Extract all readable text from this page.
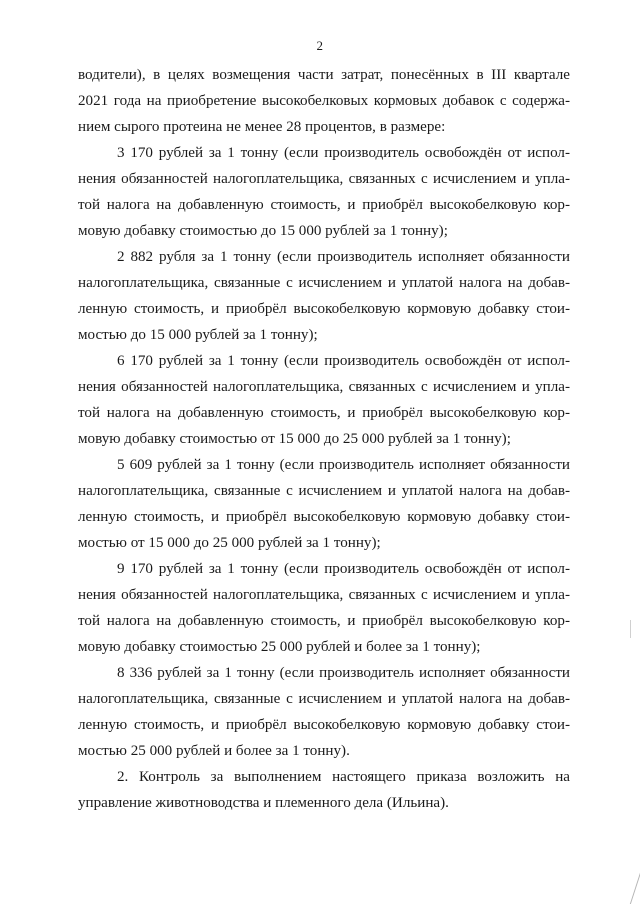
2
водители), в целях возмещения части затрат, понесённых в III квартале
2021 года на приобретение высокобелковых кормовых добавок с содержа-
нием сырого протеина не менее 28 процентов, в размере:
3 170 рублей за 1 тонну (если производитель освобождён от испол-
нения обязанностей налогоплательщика, связанных с исчислением и упла-
той налога на добавленную стоимость, и приобрёл высокобелковую кор-
мовую добавку стоимостью до 15 000 рублей за 1 тонну);
2 882 рубля за 1 тонну (если производитель исполняет обязанности
налогоплательщика, связанные с исчислением и уплатой налога на добав-
ленную стоимость, и приобрёл высокобелковую кормовую добавку стои-
мостью до 15 000 рублей за 1 тонну);
6 170 рублей за 1 тонну (если производитель освобождён от испол-
нения обязанностей налогоплательщика, связанных с исчислением и упла-
той налога на добавленную стоимость, и приобрёл высокобелковую кор-
мовую добавку стоимостью от 15 000 до 25 000 рублей за 1 тонну);
5 609 рублей за 1 тонну (если производитель исполняет обязанности
налогоплательщика, связанные с исчислением и уплатой налога на добав-
ленную стоимость, и приобрёл высокобелковую кормовую добавку стои-
мостью от 15 000 до 25 000 рублей за 1 тонну);
9 170 рублей за 1 тонну (если производитель освобождён от испол-
нения обязанностей налогоплательщика, связанных с исчислением и упла-
той налога на добавленную стоимость, и приобрёл высокобелковую кор-
мовую добавку стоимостью 25 000 рублей и более за 1 тонну);
8 336 рублей за 1 тонну (если производитель исполняет обязанности
налогоплательщика, связанные с исчислением и уплатой налога на добав-
ленную стоимость, и приобрёл высокобелковую кормовую добавку стои-
мостью 25 000 рублей и более за 1 тонну).
2. Контроль за выполнением настоящего приказа возложить на
управление животноводства и племенного дела (Ильина).
